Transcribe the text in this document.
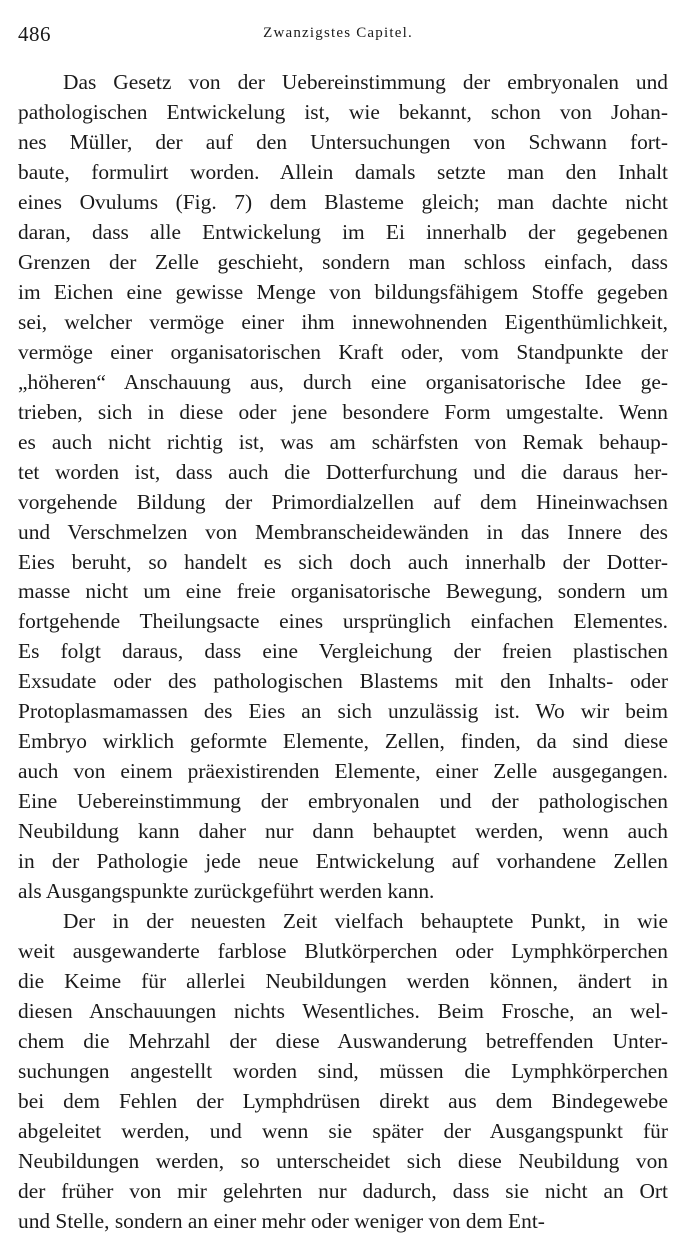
486	Zwanzigstes Capitel.
Das Gesetz von der Uebereinstimmung der embryonalen und
pathologischen Entwickelung ist, wie bekannt, schon von Johan-
nes Müller, der auf den Untersuchungen von Schwann fort-
baute, formulirt worden. Allein damals setzte man den Inhalt
eines Ovulums (Fig. 7) dem Blasteme gleich; man dachte nicht
daran, dass alle Entwickelung im Ei innerhalb der gegebenen
Grenzen der Zelle geschieht, sondern man schloss einfach, dass
im Eichen eine gewisse Menge von bildungsfähigem Stoffe gegeben
sei, welcher vermöge einer ihm innewohnenden Eigenthümlichkeit,
vermöge einer organisatorischen Kraft oder, vom Standpunkte der
„höheren“ Anschauung aus, durch eine organisatorische Idee ge-
trieben, sich in diese oder jene besondere Form umgestalte. Wenn
es auch nicht richtig ist, was am schärfsten von Remak behaup-
tet worden ist, dass auch die Dotterfurchung und die daraus her-
vorgehende Bildung der Primordialzellen auf dem Hineinwachsen
und Verschmelzen von Membranscheidewänden in das Innere des
Eies beruht, so handelt es sich doch auch innerhalb der Dotter-
masse nicht um eine freie organisatorische Bewegung, sondern um
fortgehende Theilungsacte eines ursprünglich einfachen Elementes.
Es folgt daraus, dass eine Vergleichung der freien plastischen
Exsudate oder des pathologischen Blastems mit den Inhalts- oder
Protoplasmamassen des Eies an sich unzulässig ist. Wo wir beim
Embryo wirklich geformte Elemente, Zellen, finden, da sind diese
auch von einem präexistirenden Elemente, einer Zelle ausgegangen.
Eine Uebereinstimmung der embryonalen und der pathologischen
Neubildung kann daher nur dann behauptet werden, wenn auch
in der Pathologie jede neue Entwickelung auf vorhandene Zellen
als Ausgangspunkte zurückgeführt werden kann.
Der in der neuesten Zeit vielfach behauptete Punkt, in wie
weit ausgewanderte farblose Blutkörperchen oder Lymphkörperchen
die Keime für allerlei Neubildungen werden können, ändert in
diesen Anschauungen nichts Wesentliches. Beim Frosche, an wel-
chem die Mehrzahl der diese Auswanderung betreffenden Unter-
suchungen angestellt worden sind, müssen die Lymphkörperchen
bei dem Fehlen der Lymphdrüsen direkt aus dem Bindegewebe
abgeleitet werden, und wenn sie später der Ausgangspunkt für
Neubildungen werden, so unterscheidet sich diese Neubildung von
der früher von mir gelehrten nur dadurch, dass sie nicht an Ort
und Stelle, sondern an einer mehr oder weniger von dem Ent-
